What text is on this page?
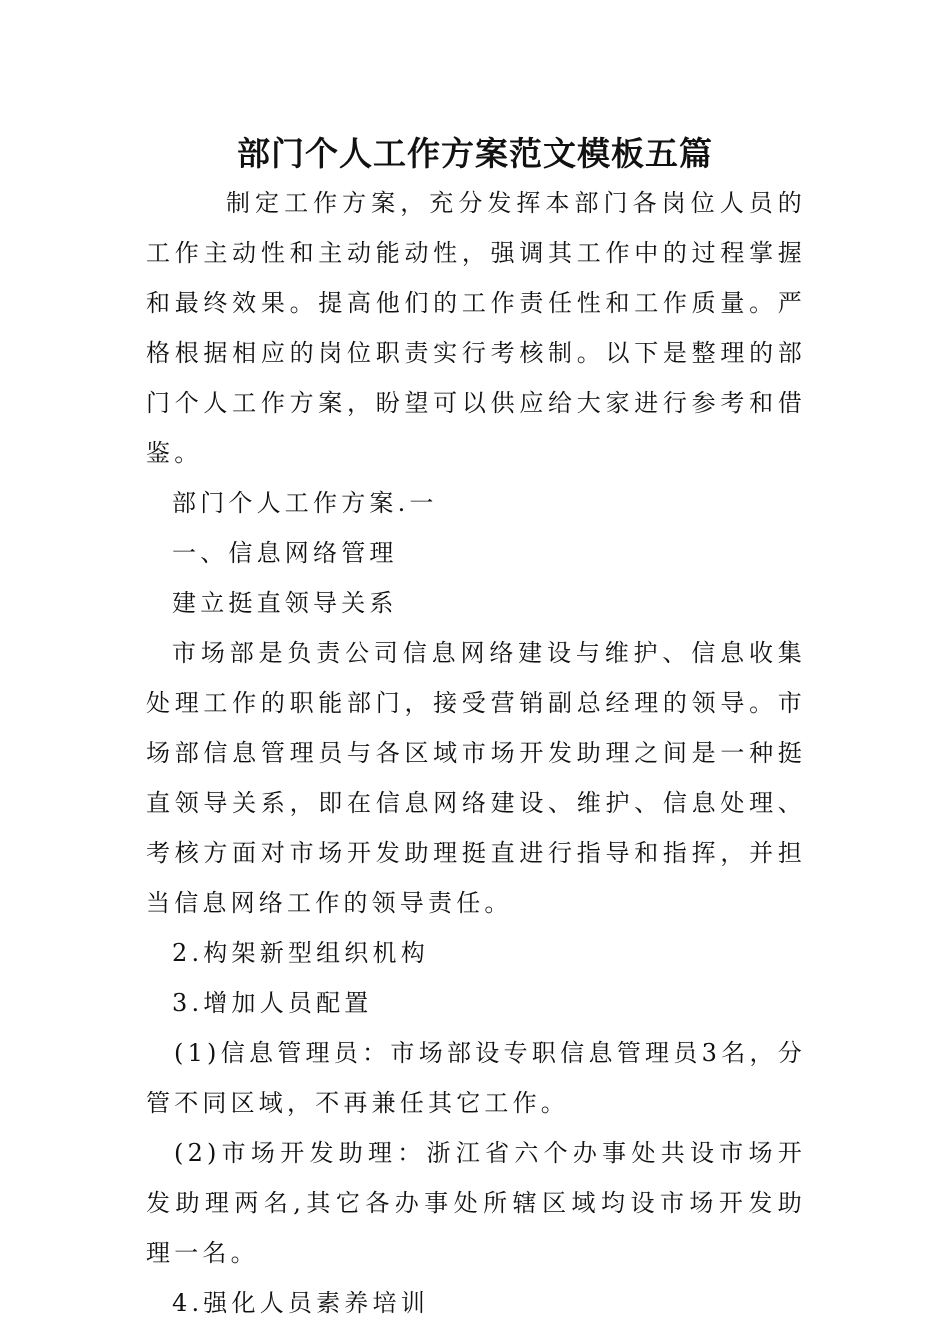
部门个人工作方案范文模板五篇

制定工作方案，充分发挥本部门各岗位人员的工作主动性和主动能动性，强调其工作中的过程掌握和最终效果。提高他们的工作责任性和工作质量。严格根据相应的岗位职责实行考核制。以下是整理的部门个人工作方案，盼望可以供应给大家进行参考和借鉴。

部门个人工作方案.一

一、信息网络管理

建立挺直领导关系

市场部是负责公司信息网络建设与维护、信息收集处理工作的职能部门，接受营销副总经理的领导。市场部信息管理员与各区域市场开发助理之间是一种挺直领导关系，即在信息网络建设、维护、信息处理、考核方面对市场开发助理挺直进行指导和指挥，并担当信息网络工作的领导责任。

2.构架新型组织机构

3.增加人员配置

(1)信息管理员：市场部设专职信息管理员3名，分管不同区域，不再兼任其它工作。

(2)市场开发助理：浙江省六个办事处共设市场开发助理两名,其它各办事处所辖区域均设市场开发助理一名。

4.强化人员素养培训
